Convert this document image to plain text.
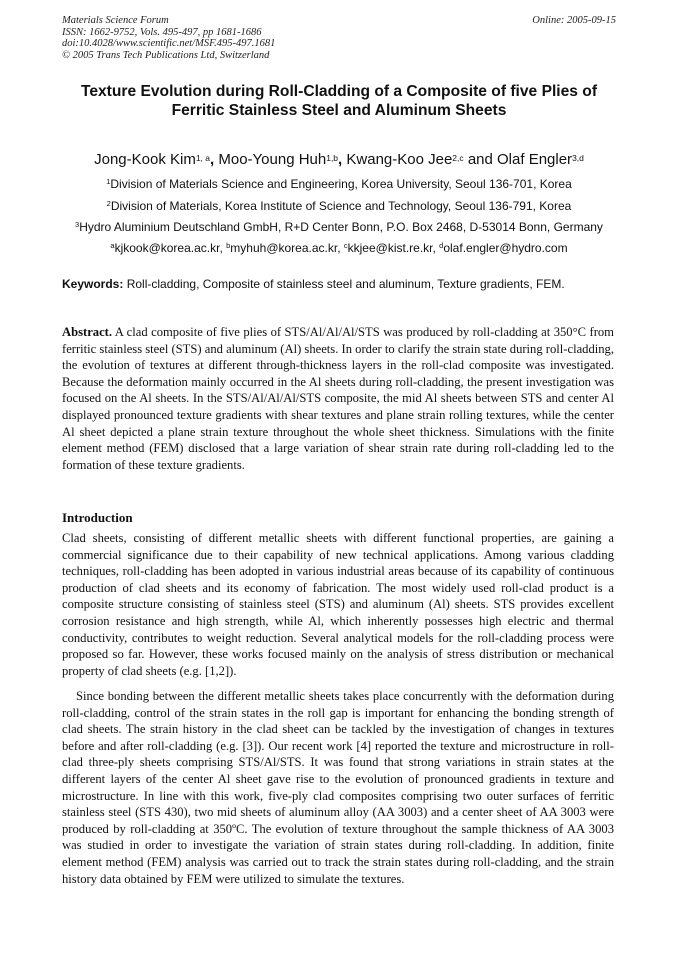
Materials Science Forum
ISSN: 1662-9752, Vols. 495-497, pp 1681-1686
doi:10.4028/www.scientific.net/MSF.495-497.1681
© 2005 Trans Tech Publications Ltd, Switzerland
Online: 2005-09-15
Texture Evolution during Roll-Cladding of a Composite of five Plies of
Ferritic Stainless Steel and Aluminum Sheets
Jong-Kook Kim$^{1, a}$, Moo-Young Huh$^{1,b}$, Kwang-Koo Jee$^{2,c}$ and Olaf Engler$^{3,d}$
$^1$Division of Materials Science and Engineering, Korea University, Seoul 136-701, Korea
$^2$Division of Materials, Korea Institute of Science and Technology, Seoul 136-791, Korea
$^3$Hydro Aluminium Deutschland GmbH, R+D Center Bonn, P.O. Box 2468, D-53014 Bonn, Germany
$^a$kjkook@korea.ac.kr, $^b$myhuh@korea.ac.kr, $^c$kkjee@kist.re.kr, $^d$olaf.engler@hydro.com
Keywords: Roll-cladding, Composite of stainless steel and aluminum, Texture gradients, FEM.

Abstract. A clad composite of five plies of STS/Al/Al/Al/STS was produced by roll-cladding at 350°C from ferritic stainless steel (STS) and aluminum (Al) sheets. In order to clarify the strain state during roll-cladding, the evolution of textures at different through-thickness layers in the roll-clad composite was investigated. Because the deformation mainly occurred in the Al sheets during roll-cladding, the present investigation was focused on the Al sheets. In the STS/Al/Al/Al/STS composite, the mid Al sheets between STS and center Al displayed pronounced texture gradients with shear textures and plane strain rolling textures, while the center Al sheet depicted a plane strain texture throughout the whole sheet thickness. Simulations with the finite element method (FEM) disclosed that a large variation of shear strain rate during roll-cladding led to the formation of these texture gradients.

Introduction

Clad sheets, consisting of different metallic sheets with different functional properties, are gaining a commercial significance due to their capability of new technical applications. Among various cladding techniques, roll-cladding has been adopted in various industrial areas because of its capability of continuous production of clad sheets and its economy of fabrication. The most widely used roll-clad product is a composite structure consisting of stainless steel (STS) and aluminum (Al) sheets. STS provides excellent corrosion resistance and high strength, while Al, which inherently possesses high electric and thermal conductivity, contributes to weight reduction. Several analytical models for the roll-cladding process were proposed so far. However, these works focused mainly on the analysis of stress distribution or mechanical property of clad sheets (e.g. [1,2]).

Since bonding between the different metallic sheets takes place concurrently with the deformation during roll-cladding, control of the strain states in the roll gap is important for enhancing the bonding strength of clad sheets. The strain history in the clad sheet can be tackled by the investigation of changes in textures before and after roll-cladding (e.g. [3]). Our recent work [4] reported the texture and microstructure in roll-clad three-ply sheets comprising STS/Al/STS. It was found that strong variations in strain states at the different layers of the center Al sheet gave rise to the evolution of pronounced gradients in texture and microstructure. In line with this work, five-ply clad composites comprising two outer surfaces of ferritic stainless steel (STS 430), two mid sheets of aluminum alloy (AA 3003) and a center sheet of AA 3003 were produced by roll-cladding at 350ºC. The evolution of texture throughout the sample thickness of AA 3003 was studied in order to investigate the variation of strain states during roll-cladding. In addition, finite element method (FEM) analysis was carried out to track the strain states during roll-cladding, and the strain history data obtained by FEM were utilized to simulate the textures.
